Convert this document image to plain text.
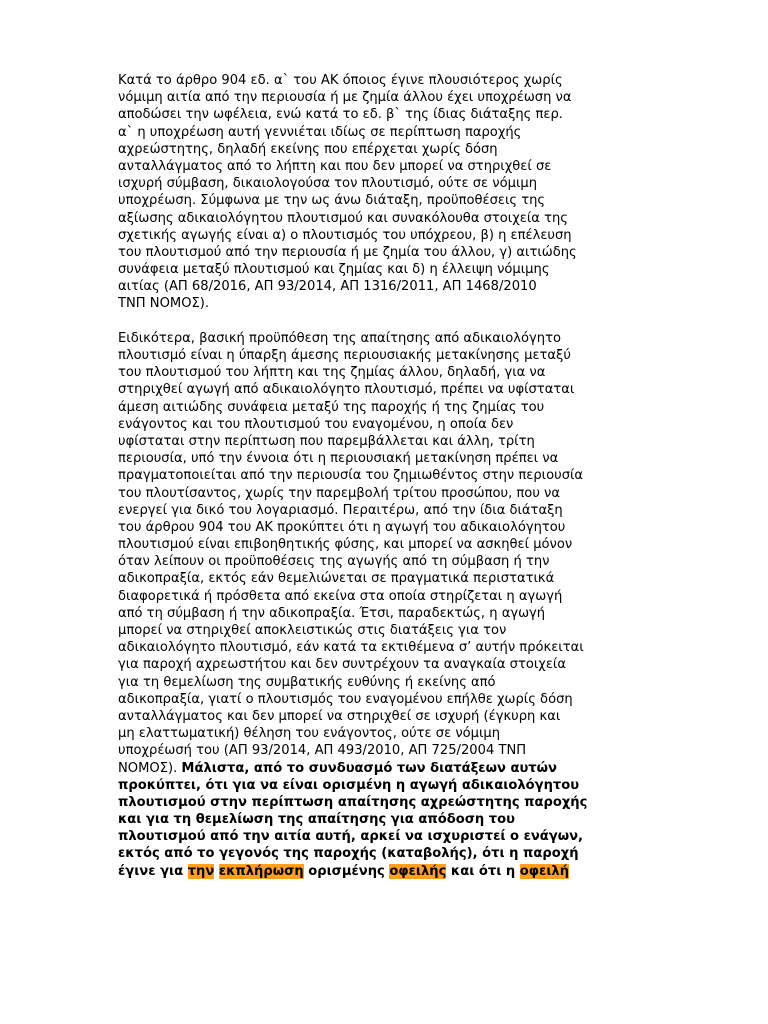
Κατά το άρθρο 904 εδ. α` του ΑΚ όποιος έγινε πλουσιότερος χωρίς
νόμιμη αιτία από την περιουσία ή με ζημία άλλου έχει υποχρέωση να
αποδώσει την ωφέλεια, ενώ κατά το εδ. β` της ίδιας διάταξης περ.
α` η υποχρέωση αυτή γεννιέται ιδίως σε περίπτωση παροχής
αχρεώστητης, δηλαδή εκείνης που επέρχεται χωρίς δόση
ανταλλάγματος από το λήπτη και που δεν μπορεί να στηριχθεί σε
ισχυρή σύμβαση, δικαιολογούσα τον πλουτισμό, ούτε σε νόμιμη
υποχρέωση. Σύμφωνα με την ως άνω διάταξη, προϋποθέσεις της
αξίωσης αδικαιολόγητου πλουτισμού και συνακόλουθα στοιχεία της
σχετικής αγωγής είναι α) ο πλουτισμός του υπόχρεου, β) η επέλευση
του πλουτισμού από την περιουσία ή με ζημία του άλλου, γ) αιτιώδης
συνάφεια μεταξύ πλουτισμού και ζημίας και δ) η έλλειψη νόμιμης
αιτίας (ΑΠ 68/2016, ΑΠ 93/2014, ΑΠ 1316/2011, ΑΠ 1468/2010
ΤΝΠ ΝΟΜΟΣ).

Ειδικότερα, βασική προϋπόθεση της απαίτησης από αδικαιολόγητο
πλουτισμό είναι η ύπαρξη άμεσης περιουσιακής μετακίνησης μεταξύ
του πλουτισμού του λήπτη και της ζημίας άλλου, δηλαδή, για να
στηριχθεί αγωγή από αδικαιολόγητο πλουτισμό, πρέπει να υφίσταται
άμεση αιτιώδης συνάφεια μεταξύ της παροχής ή της ζημίας του
ενάγοντος και του πλουτισμού του εναγομένου, η οποία δεν
υφίσταται στην περίπτωση που παρεμβάλλεται και άλλη, τρίτη
περιουσία, υπό την έννοια ότι η περιουσιακή μετακίνηση πρέπει να
πραγματοποιείται από την περιουσία του ζημιωθέντος στην περιουσία
του πλουτίσαντος, χωρίς την παρεμβολή τρίτου προσώπου, που να
ενεργεί για δικό του λογαριασμό. Περαιτέρω, από την ίδια διάταξη
του άρθρου 904 του ΑΚ προκύπτει ότι η αγωγή του αδικαιολόγητου
πλουτισμού είναι επιβοηθητικής φύσης, και μπορεί να ασκηθεί μόνον
όταν λείπουν οι προϋποθέσεις της αγωγής από τη σύμβαση ή την
αδικοπραξία, εκτός εάν θεμελιώνεται σε πραγματικά περιστατικά
διαφορετικά ή πρόσθετα από εκείνα στα οποία στηρίζεται η αγωγή
από τη σύμβαση ή την αδικοπραξία. Έτσι, παραδεκτώς, η αγωγή
μπορεί να στηριχθεί αποκλειστικώς στις διατάξεις για τον
αδικαιολόγητο πλουτισμό, εάν κατά τα εκτιθέμενα σ’ αυτήν πρόκειται
για παροχή αχρεωστήτου και δεν συντρέχουν τα αναγκαία στοιχεία
για τη θεμελίωση της συμβατικής ευθύνης ή εκείνης από
αδικοπραξία, γιατί ο πλουτισμός του εναγομένου επήλθε χωρίς δόση
ανταλλάγματος και δεν μπορεί να στηριχθεί σε ισχυρή (έγκυρη και
μη ελαττωματική) θέληση του ενάγοντος, ούτε σε νόμιμη
υποχρέωσή του (ΑΠ 93/2014, ΑΠ 493/2010, ΑΠ 725/2004 ΤΝΠ
ΝΟΜΟΣ). Μάλιστα, από το συνδυασμό των διατάξεων αυτών
προκύπτει, ότι για να είναι ορισμένη η αγωγή αδικαιολόγητου
πλουτισμού στην περίπτωση απαίτησης αχρεώστητης παροχής
και για τη θεμελίωση της απαίτησης για απόδοση του
πλουτισμού από την αιτία αυτή, αρκεί να ισχυριστεί ο ενάγων,
εκτός από το γεγονός της παροχής (καταβολής), ότι η παροχή
έγινε για την εκπλήρωση ορισμένης οφειλής και ότι η οφειλή
